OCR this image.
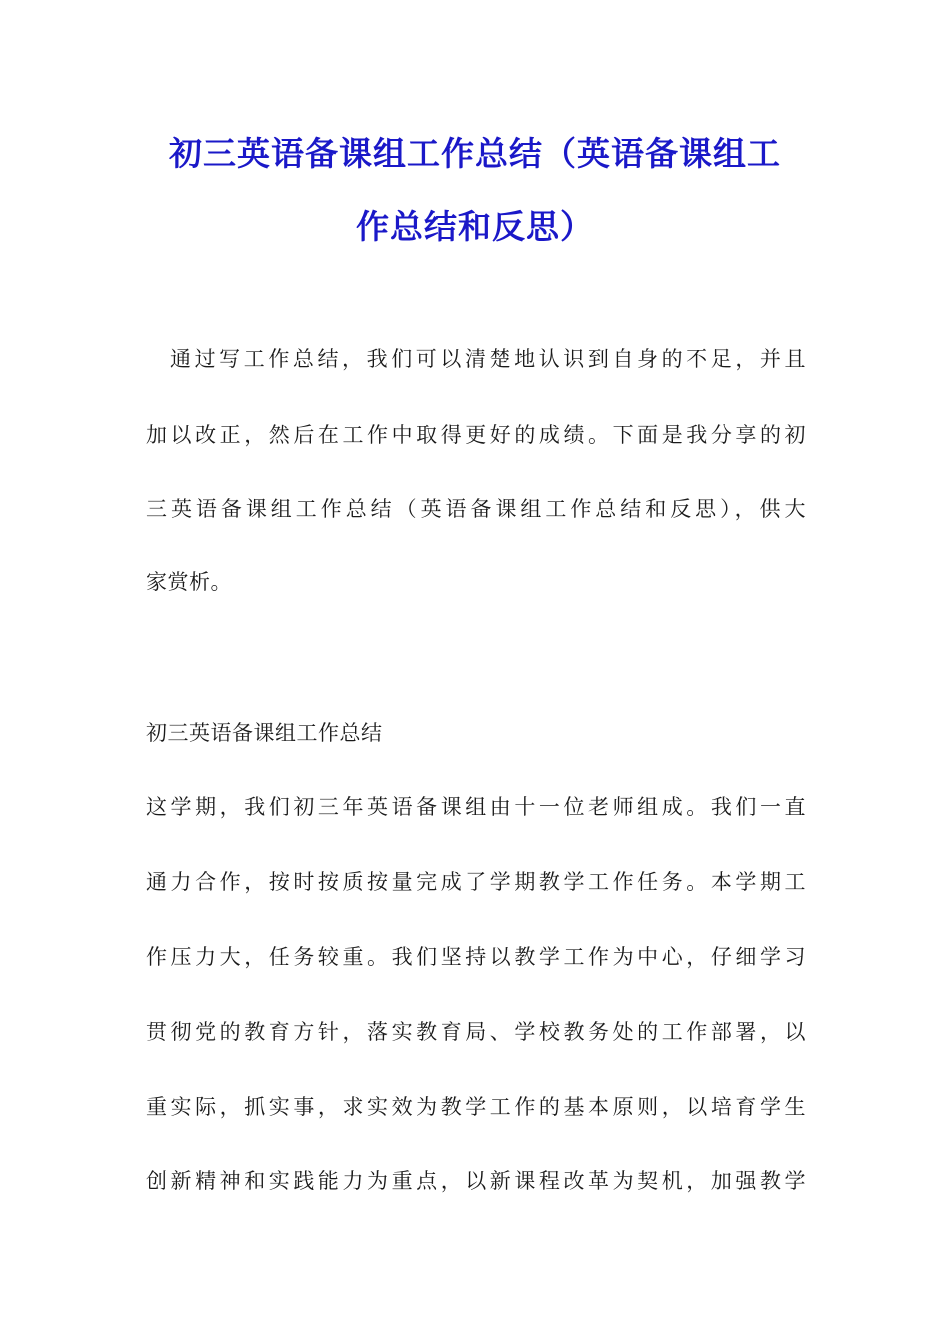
初三英语备课组工作总结（英语备课组工
作总结和反思）

通过写工作总结，我们可以清楚地认识到自身的不足，并且

加以改正，然后在工作中取得更好的成绩。下面是我分享的初

三英语备课组工作总结（英语备课组工作总结和反思），供大

家赏析。

初三英语备课组工作总结

这学期，我们初三年英语备课组由十一位老师组成。我们一直

通力合作，按时按质按量完成了学期教学工作任务。本学期工

作压力大，任务较重。我们坚持以教学工作为中心，仔细学习

贯彻党的教育方针，落实教育局、学校教务处的工作部署，以

重实际，抓实事，求实效为教学工作的基本原则，以培育学生

创新精神和实践能力为重点，以新课程改革为契机，加强教学
